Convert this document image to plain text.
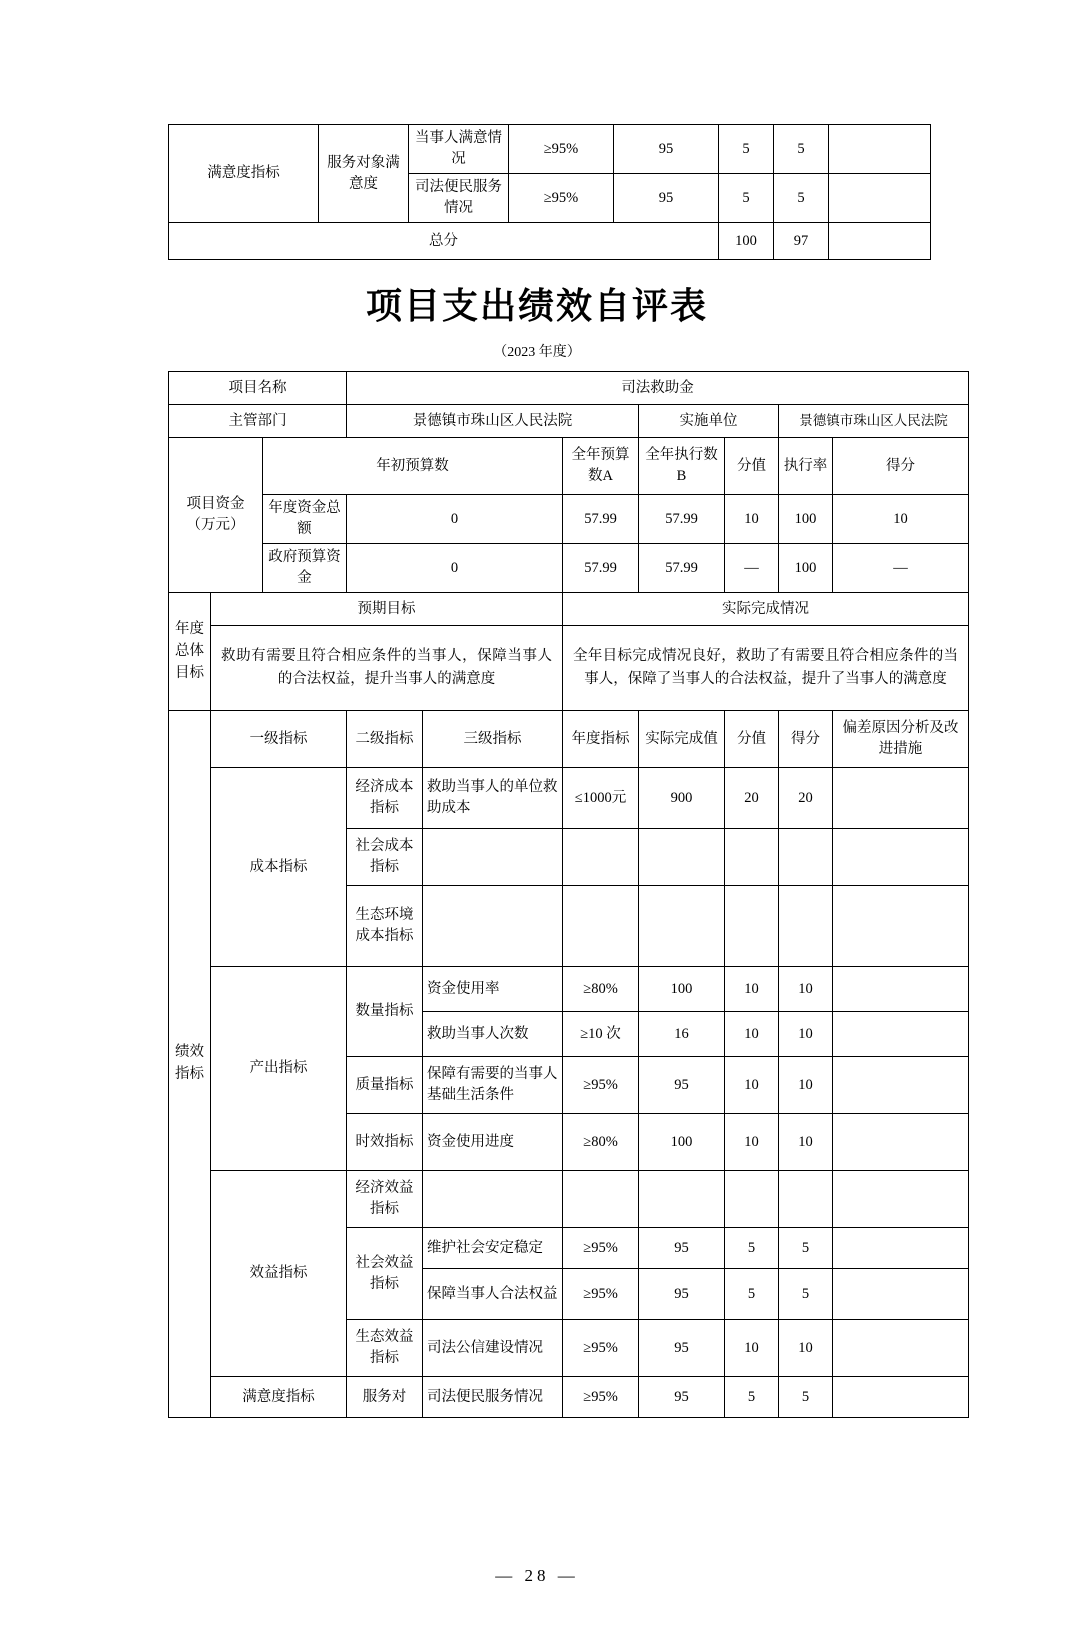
满意度指标	服务对象满意度	当事人满意情况	≥95%	95	5	5	
		司法便民服务情况	≥95%	95	5	5	
总分					100	97	
项目支出绩效自评表
（2023 年度）
项目名称			司法救助金						
主管部门			景德镇市珠山区人民法院			实施单位		景德镇市珠山区人民法院	

项目资金
（万元）		年初预算数			全年预算数A	全年执行数 B	分值	执行率	得分
		年度资金总额	0		57.99	57.99	10	100	10
		政府预算资金	0		57.99	57.99	—	100	—

年度总体目标	预期目标				实际完成情况				
	救助有需要且符合相应条件的当事人，保障当事人的合法权益，提升当事人的满意度				全年目标完成情况良好，救助了有需要且符合相应条件的当事人，保障了当事人的合法权益，提升了当事人的满意度				

绩效指标	一级指标		二级指标	三级指标	年度指标	实际完成值	分值	得分	偏差原因分析及改进措施
	成本指标		经济成本指标	救助当事人的单位救助成本	≤1000元	900	20	20	
			社会成本指标						
			生态环境成本指标						
	产出指标		数量指标	资金使用率	≥80%	100	10	10	
				救助当事人次数	≥10 次	16	10	10	
			质量指标	保障有需要的当事人基础生活条件	≥95%	95	10	10	
			时效指标	资金使用进度	≥80%	100	10	10	
	效益指标		经济效益指标						
			社会效益指标	维护社会安定稳定	≥95%	95	5	5	
				保障当事人合法权益	≥95%	95	5	5	
			生态效益指标	司法公信建设情况	≥95%	95	10	10	
	满意度指标		服务对	司法便民服务情况	≥95%	95	5	5	
— 28 —
